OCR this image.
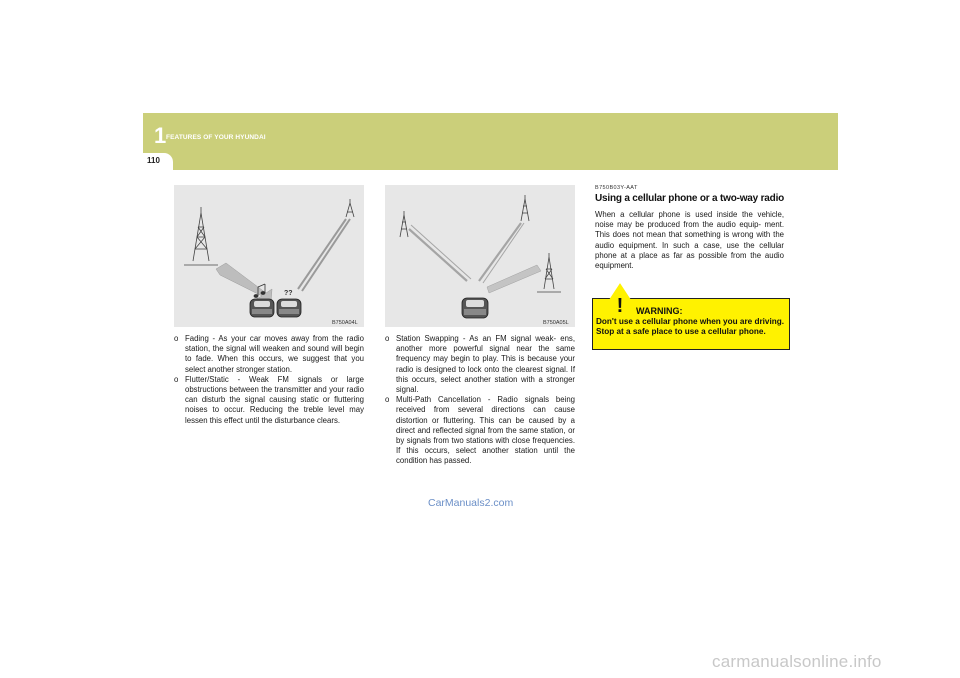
1 FEATURES OF YOUR HYUNDAI
110
??
B750A04L	B750A05L
o Fading - As your car moves away from the radio station, the signal will weaken and sound will begin to fade. When this occurs, we suggest that you select another stronger station.
o Flutter/Static - Weak FM signals or large obstructions between the transmitter and your radio can disturb the signal causing static or fluttering noises to occur. Reducing the treble level may lessen this effect until the disturbance clears.
o Station Swapping - As an FM signal weak- ens, another more powerful signal near the same frequency may begin to play. This is because your radio is designed to lock onto the clearest signal. If this occurs, select another station with a stronger signal.
o Multi-Path Cancellation - Radio signals being received from several directions can cause distortion or fluttering. This can be caused by a direct and reflected signal from the same station, or by signals from two stations with close frequencies. If this occurs, select another station until the condition has passed.
B750B03Y-AAT
Using a cellular phone or a two-way radio

When a cellular phone is used inside the vehicle, noise may be produced from the audio equip- ment. This does not mean that something is wrong with the audio equipment. In such a case, use the cellular phone at a place as far as possible from the audio equipment.

! WARNING:

Don't use a cellular phone when you are driving. Stop at a safe place to use a cellular phone.

CarManuals2.com
carmanualsonline.info
